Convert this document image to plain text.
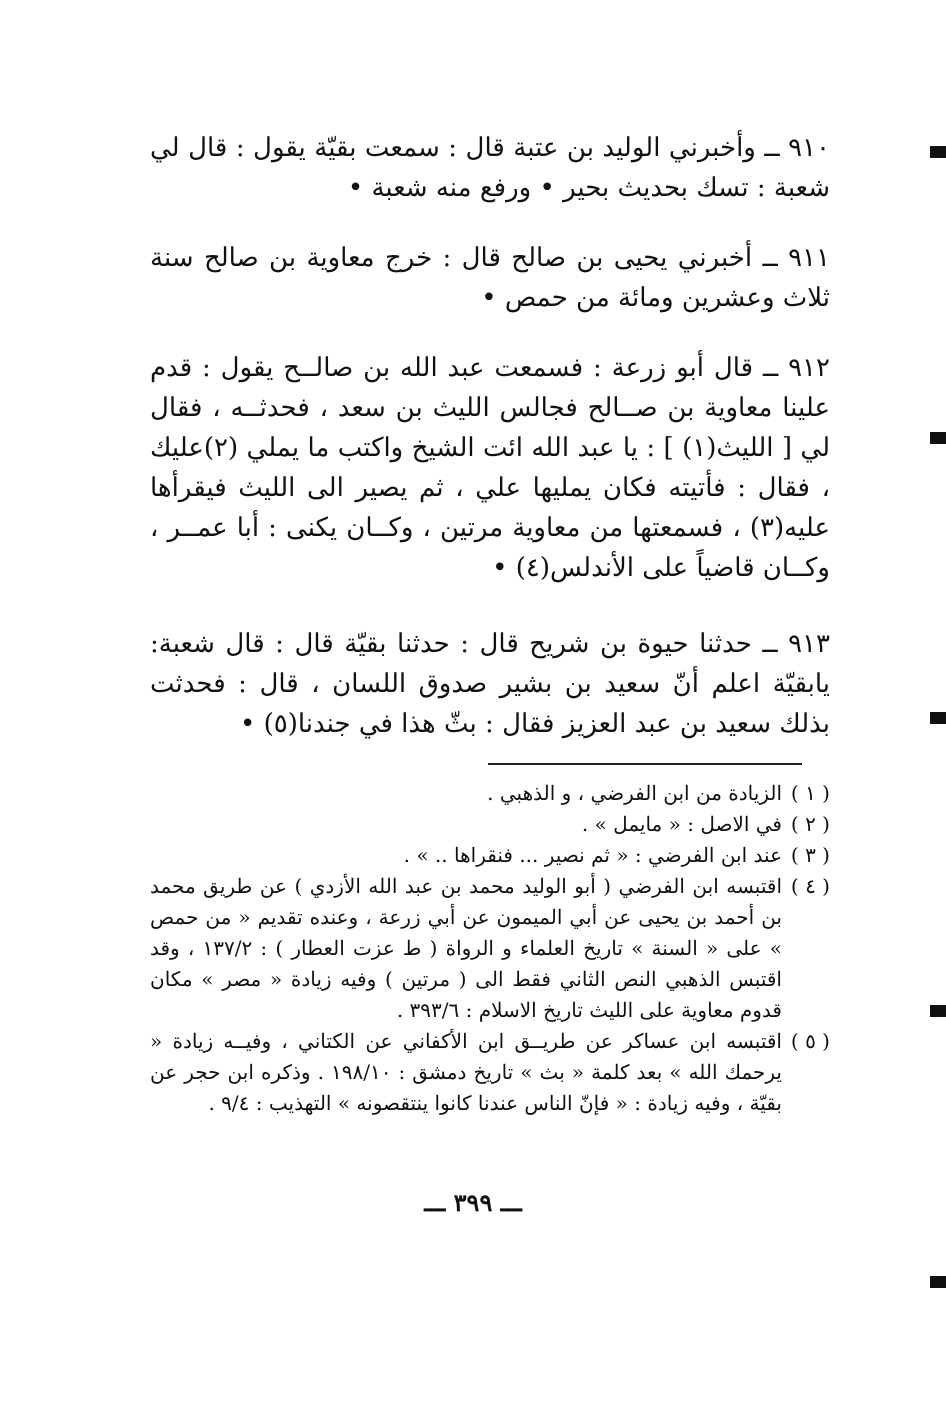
٩١٠ ــ وأخبرني الوليد بن عتبة قال : سمعت بقيّة يقول : قال لي شعبة : تسك بحديث بحير • ورفع منه شعبة •

٩١١ ــ أخبرني يحيى بن صالح قال : خرج معاوية بن صالح سنة ثلاث وعشرين ومائة من حمص •

٩١٢ ــ قال أبو زرعة : فسمعت عبد الله بن صالــح يقول : قدم علينا معاوية بن صــالح فجالس الليث بن سعد ، فحدثــه ، فقال لي [ الليث(١) ] : يا عبد الله ائت الشيخ واكتب ما يملي (٢)عليك ، فقال : فأتيته فكان يمليها علي ، ثم يصير الى الليث فيقرأها عليه(٣) ، فسمعتها من معاوية مرتين ، وكــان يكنى : أبا عمــر ، وكــان قاضياً على الأندلس(٤) •

٩١٣ ــ حدثنا حيوة بن شريح قال : حدثنا بقيّة قال : قال شعبة: يابقيّة اعلم أنّ سعيد بن بشير صدوق اللسان ، قال : فحدثت بذلك سعيد بن عبد العزيز فقال : بثّ هذا في جندنا(٥) •

( ١ )
الزيادة من ابن الفرضي ، و الذهبي .
( ٢ )
في الاصل : « مايمل » .
( ٣ )
عند ابن الفرضي : « ثم نصير ... فنقراها .. » .
( ٤ )
اقتبسه ابن الفرضي ( أبو الوليد محمد بن عبد الله الأزدي ) عن طريق محمد بن أحمد بن يحيى عن أبي الميمون عن أبي زرعة ، وعنده تقديم « من حمص » على « السنة » تاريخ العلماء و الرواة ( ط عزت العطار ) : ١٣٧/٢ ، وقد اقتبس الذهبي النص الثاني فقط الى ( مرتين ) وفيه زيادة « مصر » مكان قدوم معاوية على الليث تاريخ الاسلام : ٣٩٣/٦ .
( ٥ )
اقتبسه ابن عساكر عن طريــق ابن الأكفاني عن الكتاني ، وفيــه زيادة « يرحمك الله » بعد كلمة « بث » تاريخ دمشق : ١٩٨/١٠ . وذكره ابن حجر عن بقيّة ، وفيه زيادة : « فإنّ الناس عندنا كانوا ينتقصونه » التهذيب : ٩/٤ .
ـــ ٣٩٩ ـــ
